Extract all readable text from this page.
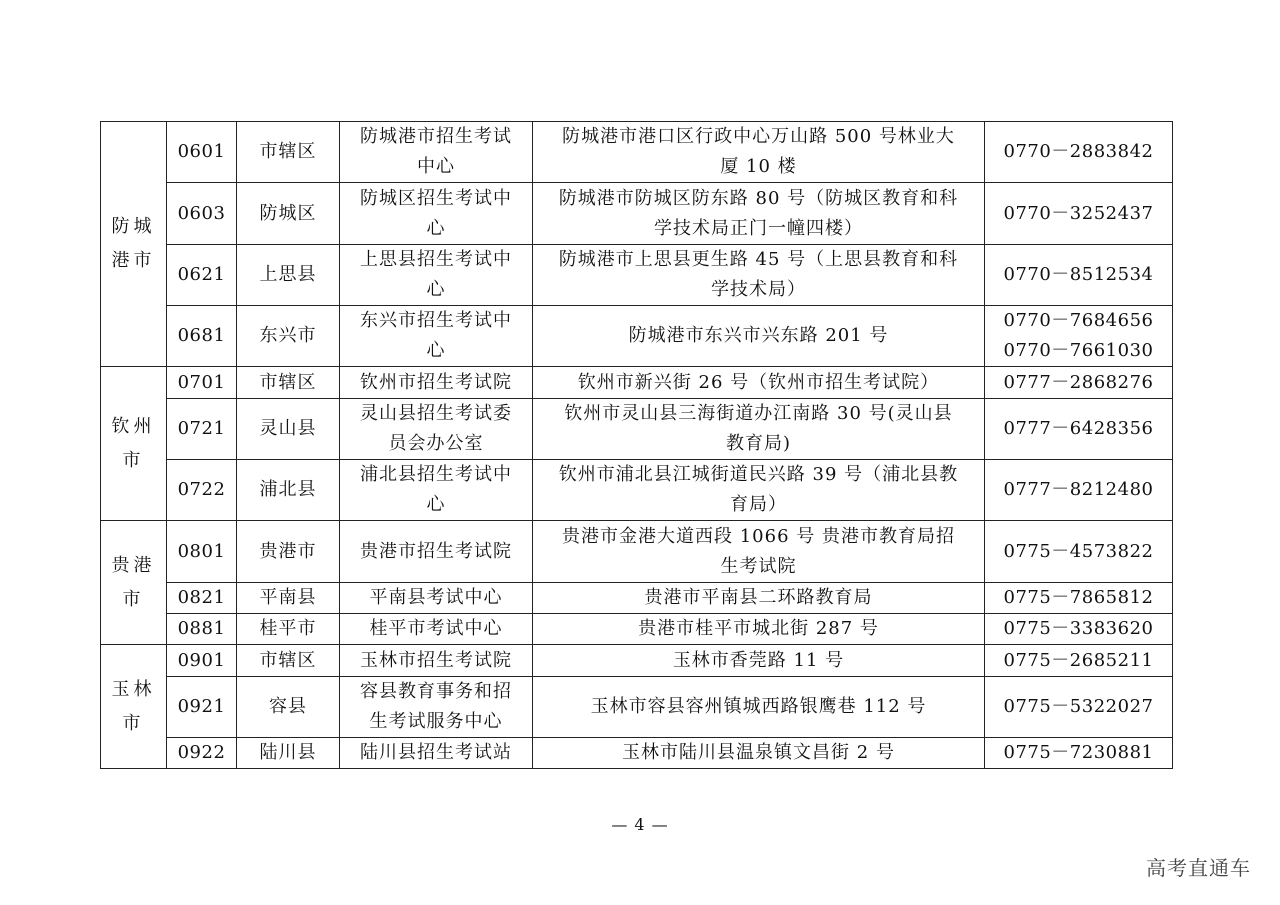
防城
港市	0601	市辖区	防城港市招生考试
中心	防城港市港口区行政中心万山路 500 号林业大
厦 10 楼	0770－2883842

	0603	防城区	防城区招生考试中
心	防城港市防城区防东路 80 号（防城区教育和科
学技术局正门一幢四楼）	0770－3252437

	0621	上思县	上思县招生考试中
心	防城港市上思县更生路 45 号（上思县教育和科
学技术局）	0770－8512534

	0681	东兴市	东兴市招生考试中
心	防城港市东兴市兴东路 201 号	0770－7684656
0770－7661030

钦州
市	0701	市辖区	钦州市招生考试院	钦州市新兴街 26 号（钦州市招生考试院）	0777－2868276

	0721	灵山县	灵山县招生考试委
员会办公室	钦州市灵山县三海街道办江南路 30 号(灵山县
教育局)	0777－6428356

	0722	浦北县	浦北县招生考试中
心	钦州市浦北县江城街道民兴路 39 号（浦北县教
育局）	0777－8212480

贵港
市	0801	贵港市	贵港市招生考试院	贵港市金港大道西段 1066 号 贵港市教育局招
生考试院	0775－4573822

	0821	平南县	平南县考试中心	贵港市平南县二环路教育局	0775－7865812

	0881	桂平市	桂平市考试中心	贵港市桂平市城北街 287 号	0775－3383620

玉林
市	0901	市辖区	玉林市招生考试院	玉林市香莞路 11 号	0775－2685211

	0921	容县	容县教育事务和招
生考试服务中心	玉林市容县容州镇城西路银鹰巷 112 号	0775－5322027

	0922	陆川县	陆川县招生考试站	玉林市陆川县温泉镇文昌街 2 号	0775－7230881
— 4 —
高考直通车
